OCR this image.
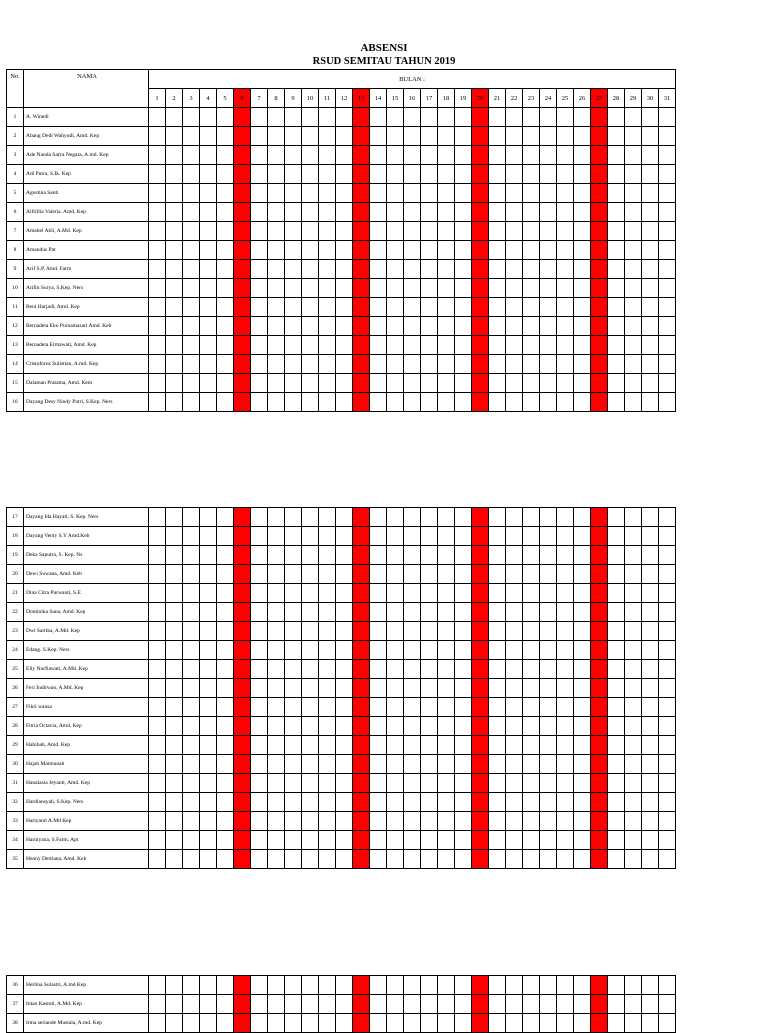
ABSENSI
RSUD SEMITAU TAHUN 2019
No.	NAMA	BULAN :																														
		1	2	3	4	5	6	7	8	9	10	11	12	13	14	15	16	17	18	19	20	21	22	23	24	25	26	27	28	29	30	31
1	A. Winedi																															
2	Abang Dedi Wahyudi, Amd. Kep																															
3	Ade Nanda Satya Negara, A.md. Kep																															
4	Adi Putra, S.Ik. Kep																															
5	Agustina Santi																															
6	Alfrillia Valeria. Amd. Kep																															
7	Amabel Abli, A.Md. Kep																															
8	Amandus Pat																															
9	Arif S.P, Amd. Farm																															
10	Arifin Surya, S.Kep. Ners																															
11	Beni Harjadi, Amd. Kep																															
12	Bernadeta Eko Purnamasari Amd. Keb																															
13	Bernadeta Ermawati, Amd. Kep																															
14	Cristoforus Sulistian, A.md. Kep																															
15	Dalaman Pratama, Amd. Kem																															
16	Dayang Desy Nindy Putri, S.Kep. Ners																															
17	Dayang Ida Hayati, S. Kep. Ners																															
18	Dayang Venty S.Y Amd.Keb																															
19	Deka Saputra, S. Kep. Ns																															
20	Dewi Suwana, Amd. Keb																															
21	Dina Citra Purwanti, S.E																															
22	Dominika Sana, Amd. Kep																															
23	Dwi Sartika, A.Md. Kep																															
24	Edang. S.Kep. Ners																															
25	Elly Nurfiawati, A.Md. Kep																															
26	Feri Indirwan, A.Md. Kep																															
27	Fikri wansa																															
28	Fitria Octavia, Amd. Kep																															
29	Habibah, Amd. Kep																															
30	Hajah Maimunah																															
31	Hanalasia Jeyanti, Amd. Kep																															
32	Hardiansyah, S.Kep. Ners																															
33	Hariyanti A.Md Kep																															
34	Harniyana, S.Farm, Apt																															
35	Henny Dertiana, Amd. Keb																															
36	Herlina Sulastri, A.md Kep																															
37	Intan Kastuti, A.Md. Kep																															
38	Irma seriande Mustala, A.md. Kep																															
